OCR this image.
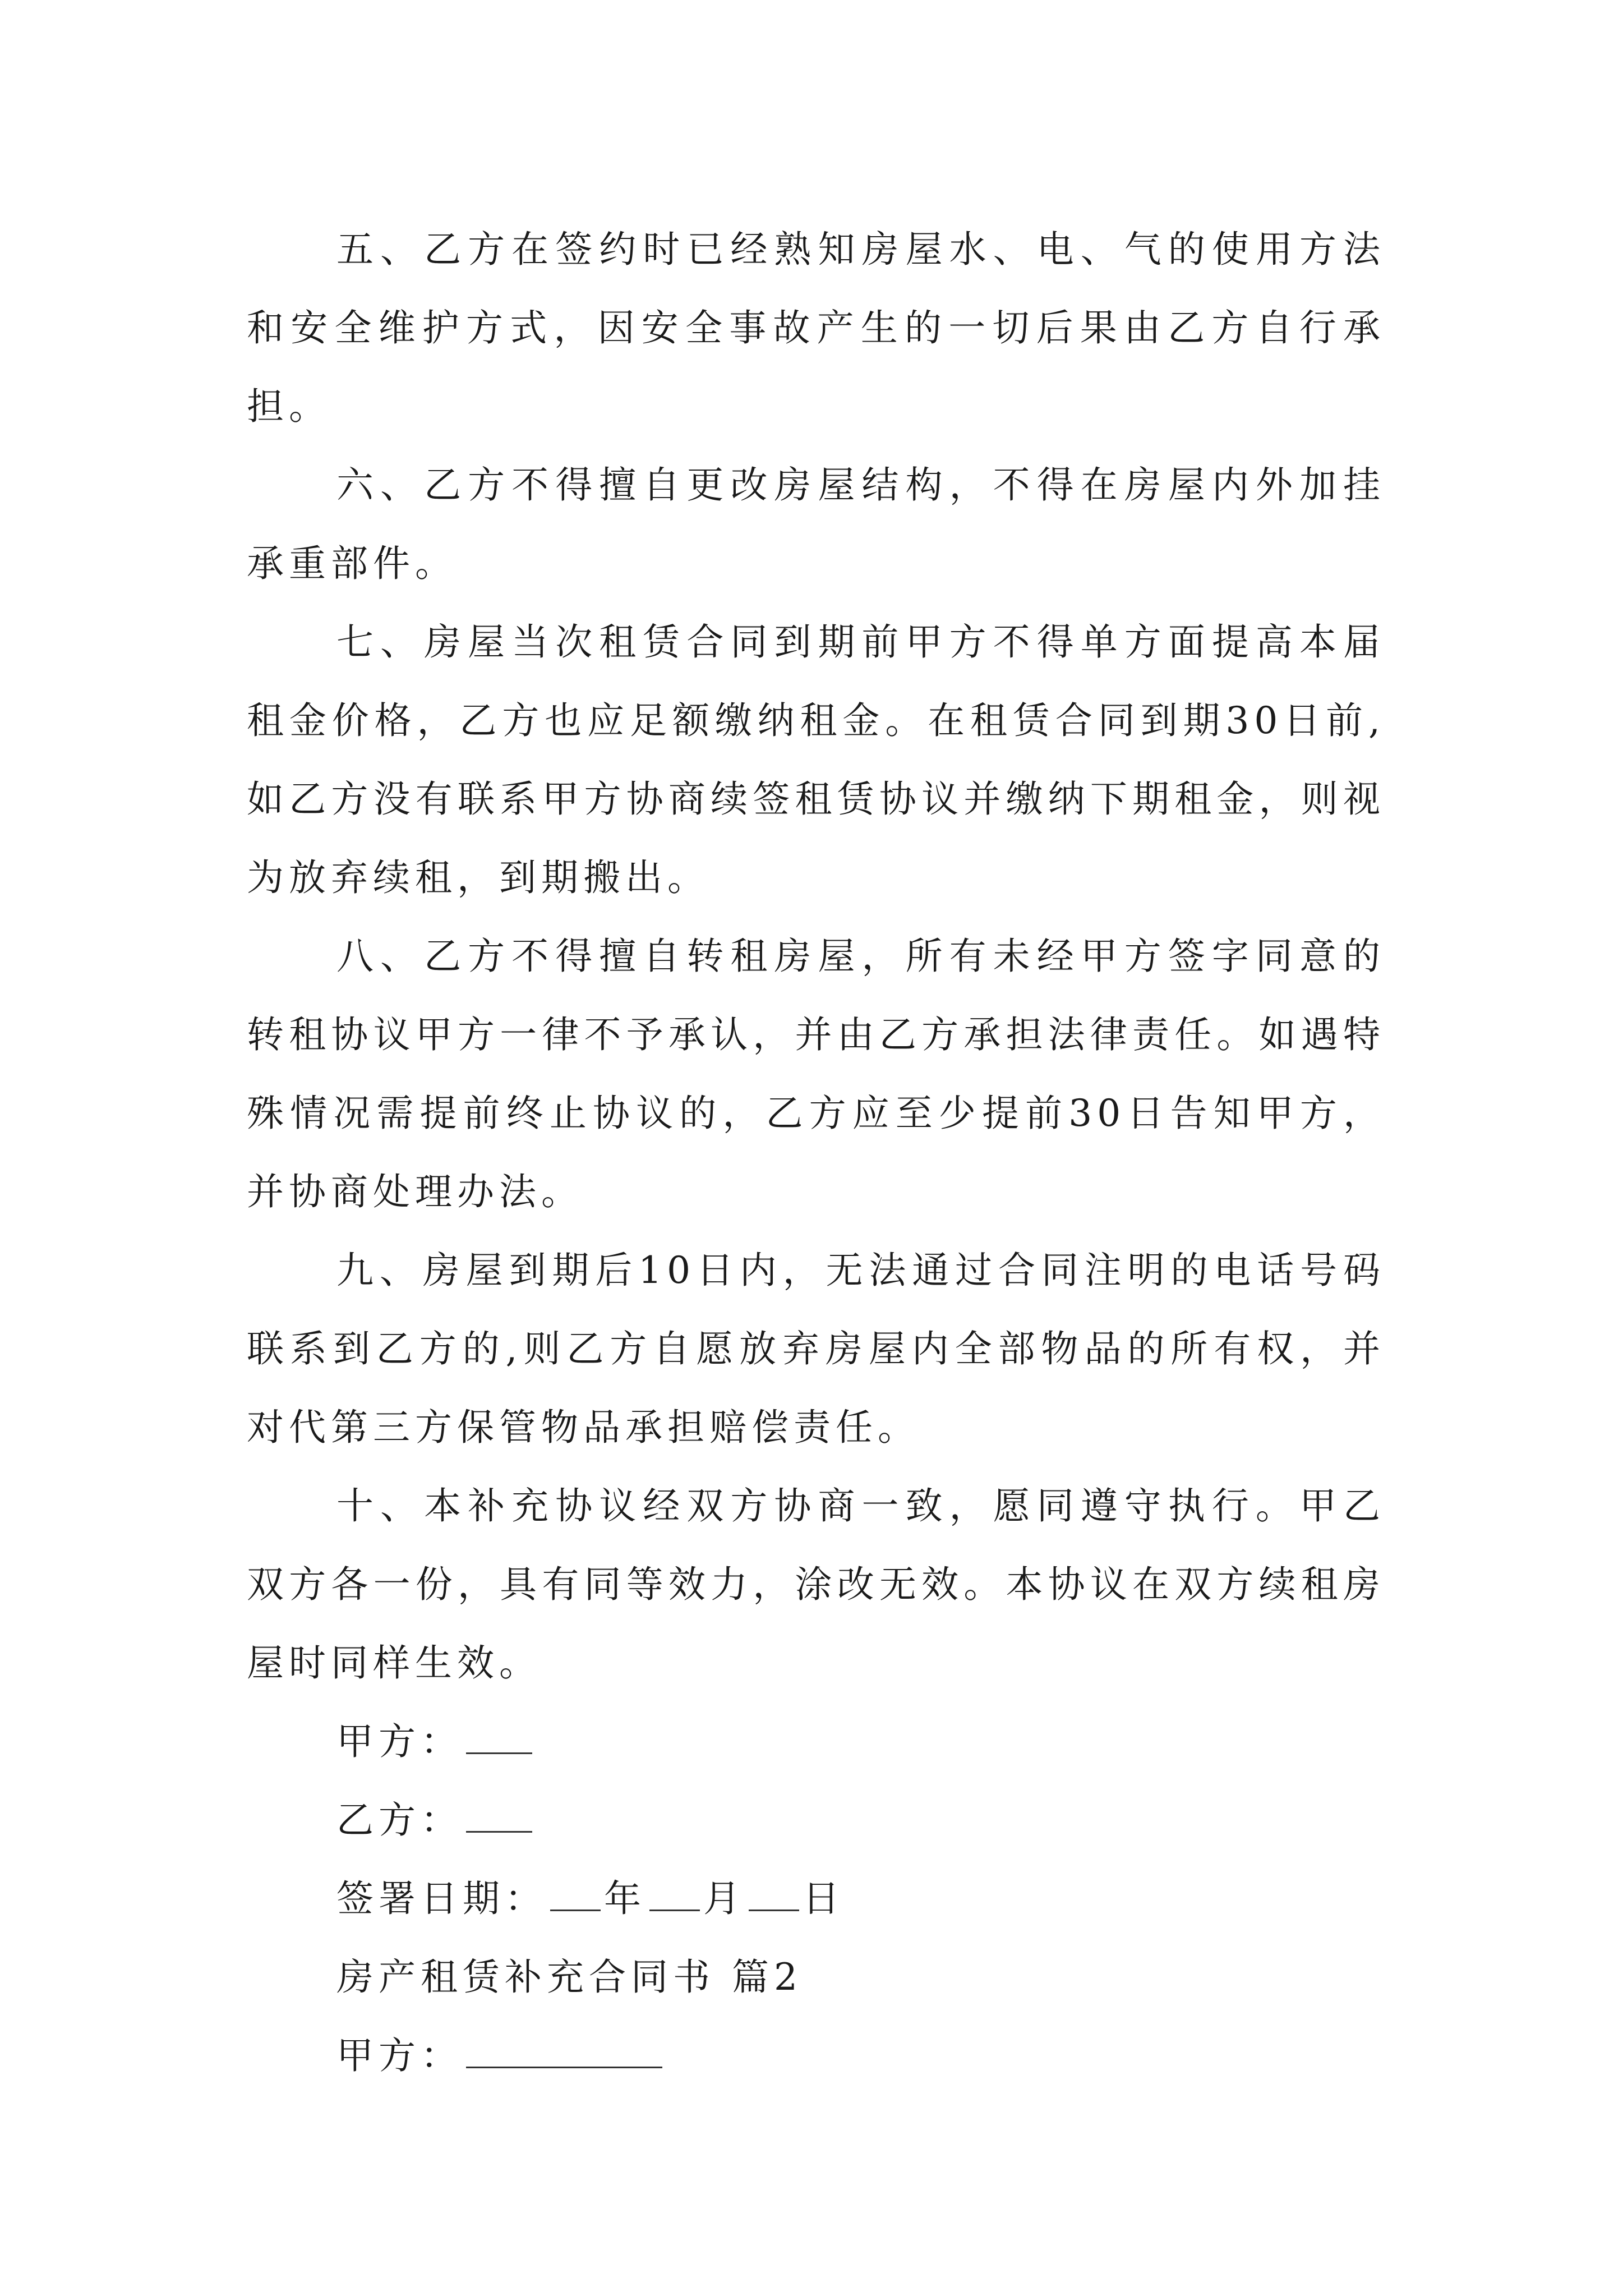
五、乙方在签约时已经熟知房屋水、电、气的使用方法和安全维护方式，因安全事故产生的一切后果由乙方自行承担。

六、乙方不得擅自更改房屋结构，不得在房屋内外加挂承重部件。

七、房屋当次租赁合同到期前甲方不得单方面提高本届租金价格，乙方也应足额缴纳租金。在租赁合同到期30日前,如乙方没有联系甲方协商续签租赁协议并缴纳下期租金，则视为放弃续租，到期搬出。

八、乙方不得擅自转租房屋，所有未经甲方签字同意的转租协议甲方一律不予承认，并由乙方承担法律责任。如遇特殊情况需提前终止协议的，乙方应至少提前30日告知甲方，并协商处理办法。

九、房屋到期后10日内，无法通过合同注明的电话号码联系到乙方的,则乙方自愿放弃房屋内全部物品的所有权，并对代第三方保管物品承担赔偿责任。

十、本补充协议经双方协商一致，愿同遵守执行。甲乙双方各一份，具有同等效力，涂改无效。本协议在双方续租房屋时同样生效。

甲方：

乙方：

签署日期： 年 月 日

房产租赁补充合同书 篇2

甲方：
